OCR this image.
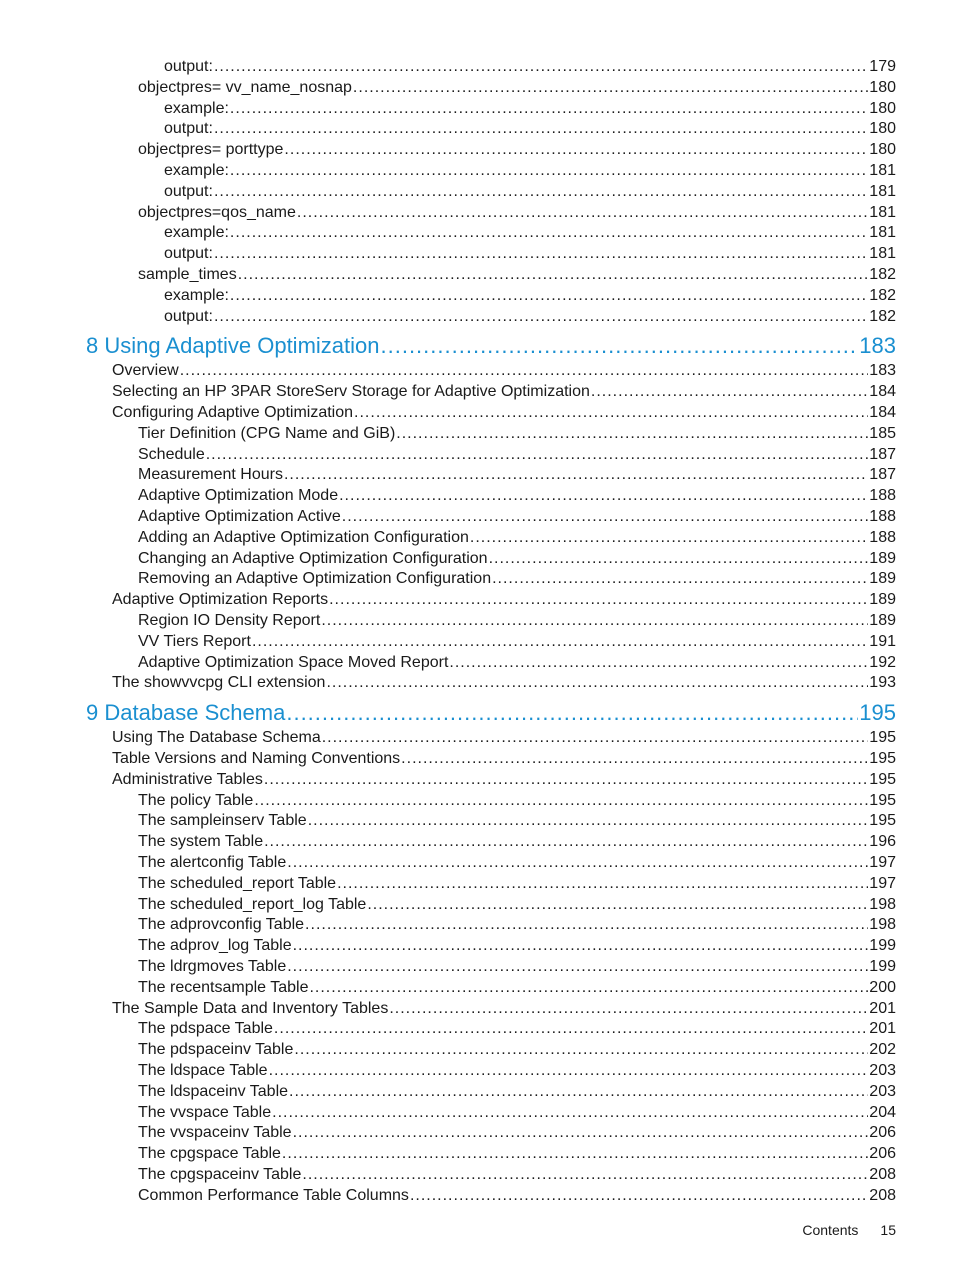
output: .....	179
objectpres= vv_name_nosnap .....	180
example: .....	180
output: .....	180
objectpres= porttype .....	180
example: .....	181
output: .....	181
objectpres=qos_name .....	181
example: .....	181
output: .....	181
sample_times .....	182
example: .....	182
output: .....	182
8 Using Adaptive Optimization .....	183
Overview .....	183
Selecting an HP 3PAR StoreServ Storage for Adaptive Optimization .....	184
Configuring Adaptive Optimization .....	184
Tier Definition (CPG Name and GiB) .....	185
Schedule .....	187
Measurement Hours .....	187
Adaptive Optimization Mode .....	188
Adaptive Optimization Active .....	188
Adding an Adaptive Optimization Configuration .....	188
Changing an Adaptive Optimization Configuration .....	189
Removing an Adaptive Optimization Configuration .....	189
Adaptive Optimization Reports .....	189
Region IO Density Report .....	189
VV Tiers Report .....	191
Adaptive Optimization Space Moved Report .....	192
The showvvcpg CLI extension .....	193
9 Database Schema .....	195
Using The Database Schema .....	195
Table Versions and Naming Conventions .....	195
Administrative Tables .....	195
The policy Table .....	195
The sampleinserv Table .....	195
The system Table .....	196
The alertconfig Table .....	197
The scheduled_report Table .....	197
The scheduled_report_log Table .....	198
The adprovconfig Table .....	198
The adprov_log Table .....	199
The ldrgmoves Table .....	199
The recentsample Table .....	200
The Sample Data and Inventory Tables .....	201
The pdspace Table .....	201
The pdspaceinv Table .....	202
The ldspace Table .....	203
The ldspaceinv Table .....	203
The vvspace Table .....	204
The vvspaceinv Table .....	206
The cpgspace Table .....	206
The cpgspaceinv Table .....	208
Common Performance Table Columns .....	208
Contents 15
